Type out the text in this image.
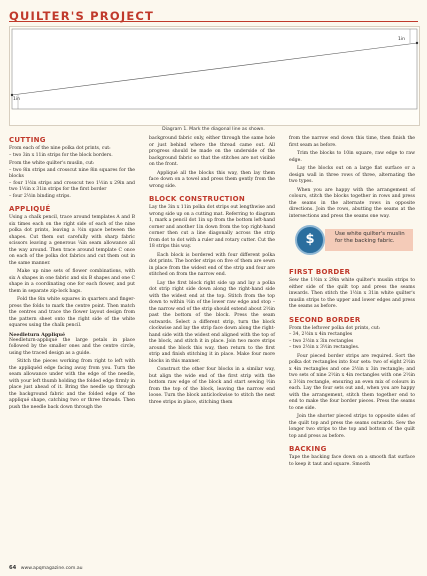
QUILTER'S PROJECT
1in
1in
Diagram 1. Mark the diagonal line as shown.
CUTTING

From each of the nine polka dot prints, cut:
– two 3in x 11in strips for the block borders.

From the white quilter's muslin, cut:
– two 8in strips and crosscut nine 8in squares for the blocks
– four 1½in strips and crosscut two 1½in x 29in and two 1½in x 31in strips for the first border
– four 2½in binding strips.

APPLIQUÉ

Using a chalk pencil, trace around templates A and B six times each on the right side of each of the nine polka dot prints, leaving a ½in space between the shapes. Cut them out carefully with sharp fabric scissors leaving a generous ¼in seam allowance all the way around. Then trace around template C once on each of the polka dot fabrics and cut them out in the same manner.

Make up nine sets of flower combinations, with six A shapes in one fabric and six B shapes and one C shape in a coordinating one for each flower, and put them in separate zip-lock bags.

Fold the 8in white squares in quarters and finger-press the folds to mark the centre point. Then match the centres and trace the flower layout design from the pattern sheet onto the right side of the white squares using the chalk pencil.

Needleturn Appliqué

Needleturn-appliqué the large petals in place followed by the smaller ones and the centre circle, using the traced design as a guide.

Stitch the pieces working from right to left with the appliquéd edge facing away from you. Turn the seam allowance under with the edge of the needle, with your left thumb holding the folded edge firmly in place just ahead of it. Bring the needle up through the background fabric and the folded edge of the appliqué shape, catching two or three threads. Then push the needle back down through the

background fabric only, either through the same hole or just behind where the thread came out. All progress should be made on the underside of the background fabric so that the stitches are not visible on the front.

Appliqué all the blocks this way, then lay them face down on a towel and press them gently from the wrong side.

BLOCK CONSTRUCTION

Lay the 3in x 11in polka dot strips out lengthwise and wrong side up on a cutting mat. Referring to diagram 1, mark a pencil dot 1in up from the bottom left-hand corner and another 1in down from the top right-hand corner then cut a line diagonally across the strip from dot to dot with a ruler and rotary cutter. Cut the 18 strips this way.

Each block is bordered with four different polka dot prints. The border strips on five of them are sewn in place from the widest end of the strip and four are stitched on from the narrow end.

Lay the first block right side up and lay a polka dot strip right side down along the right-hand side with the widest end at the top. Stitch from the top down to within ½in of the lower raw edge and stop – the narrow end of the strip should extend about 2½in past the bottom of the block. Press the seam outwards. Select a different strip, turn the block clockwise and lay the strip face down along the right-hand side with the widest end aligned with the top of the block, and stitch it in place. Join two more strips around the block this way, then return to the first strip and finish stitching it in place. Make four more blocks in this manner.

Construct the other four blocks in a similar way, but align the wide end of the first strip with the bottom raw edge of the block and start sewing ½in from the top of the block, leaving the narrow end loose. Turn the block anticlockwise to stitch the next three strips in place, stitching them

from the narrow end down this time, then finish the first seam as before.

Trim the blocks to 10in square, raw edge to raw edge.

Lay the blocks out on a large flat surface or a design wall in three rows of three, alternating the two types.

When you are happy with the arrangement of colours, stitch the blocks together in rows and press the seams in the alternate rows in opposite directions. Join the rows, abutting the seams at the intersections and press the seams one way.

Use white quilter's muslin for the backing fabric.
$
FIRST BORDER

Sew the 1½in x 29in white quilter's muslin strips to either side of the quilt top and press the seams inwards. Then stitch the 1½in x 31in white quilter's muslin strips to the upper and lower edges and press the seams as before.

SECOND BORDER

From the leftover polka dot prints, cut:
– 34, 2½in x 4in rectangles
– two 2½in x 3in rectangles
– two 2½in x 3½in rectangles.

Four pieced border strips are required. Sort the polka dot rectangles into four sets: two of eight 2½in x 4in rectangles and one 2½in x 3in rectangle; and two sets of nine 2½in x 4in rectangles with one 2½in x 3½in rectangle, ensuring an even mix of colours in each. Lay the four sets out and, when you are happy with the arrangement, stitch them together end to end to make the four border pieces. Press the seams to one side.

Join the shorter pieced strips to opposite sides of the quilt top and press the seams outwards. Sew the longer two strips to the top and bottom of the quilt top and press as before.

BACKING

Tape the backing face down on a smooth flat surface to keep it taut and square. Smooth

64 www.apqmagazine.com.au
